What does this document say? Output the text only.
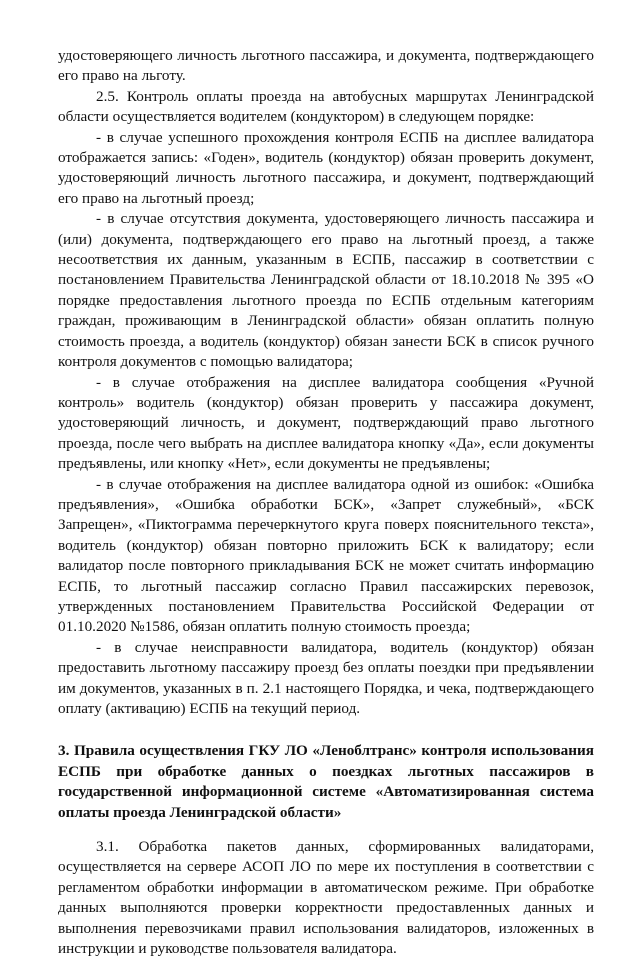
удостоверяющего личность льготного пассажира, и документа, подтверждающего его право на льготу.

2.5. Контроль оплаты проезда на автобусных маршрутах Ленинградской области осуществляется водителем (кондуктором) в следующем порядке:

- в случае успешного прохождения контроля ЕСПБ на дисплее валидатора отображается запись: «Годен», водитель (кондуктор) обязан проверить документ, удостоверяющий личность льготного пассажира, и документ, подтверждающий его право на льготный проезд;

- в случае отсутствия документа, удостоверяющего личность пассажира и (или) документа, подтверждающего его право на льготный проезд, а также несоответствия их данным, указанным в ЕСПБ, пассажир в соответствии с постановлением Правительства Ленинградской области от 18.10.2018 № 395 «О порядке предоставления льготного проезда по ЕСПБ отдельным категориям граждан, проживающим в Ленинградской области» обязан оплатить полную стоимость проезда, а водитель (кондуктор) обязан занести БСК в список ручного контроля документов с помощью валидатора;

- в случае отображения на дисплее валидатора сообщения «Ручной контроль» водитель (кондуктор) обязан проверить у пассажира документ, удостоверяющий личность, и документ, подтверждающий право льготного проезда, после чего выбрать на дисплее валидатора кнопку «Да», если документы предъявлены, или кнопку «Нет», если документы не предъявлены;

- в случае отображения на дисплее валидатора одной из ошибок: «Ошибка предъявления», «Ошибка обработки БСК», «Запрет служебный», «БСК Запрещен», «Пиктограмма перечеркнутого круга поверх пояснительного текста», водитель (кондуктор) обязан повторно приложить БСК к валидатору; если валидатор после повторного прикладывания БСК не может считать информацию ЕСПБ, то льготный пассажир согласно Правил пассажирских перевозок, утвержденных постановлением Правительства Российской Федерации от 01.10.2020 №1586, обязан оплатить полную стоимость проезда;

- в случае неисправности валидатора, водитель (кондуктор) обязан предоставить льготному пассажиру проезд без оплаты поездки при предъявлении им документов, указанных в п. 2.1 настоящего Порядка, и чека, подтверждающего оплату (активацию) ЕСПБ на текущий период.

3. Правила осуществления ГКУ ЛО «Леноблтранс» контроля использования ЕСПБ при обработке данных о поездках льготных пассажиров в государственной информационной системе «Автоматизированная система оплаты проезда Ленинградской области»

3.1. Обработка пакетов данных, сформированных валидаторами, осуществляется на сервере АСОП ЛО по мере их поступления в соответствии с регламентом обработки информации в автоматическом режиме. При обработке данных выполняются проверки корректности предоставленных данных и выполнения перевозчиками правил использования валидаторов, изложенных в инструкции и руководстве пользователя валидатора.
